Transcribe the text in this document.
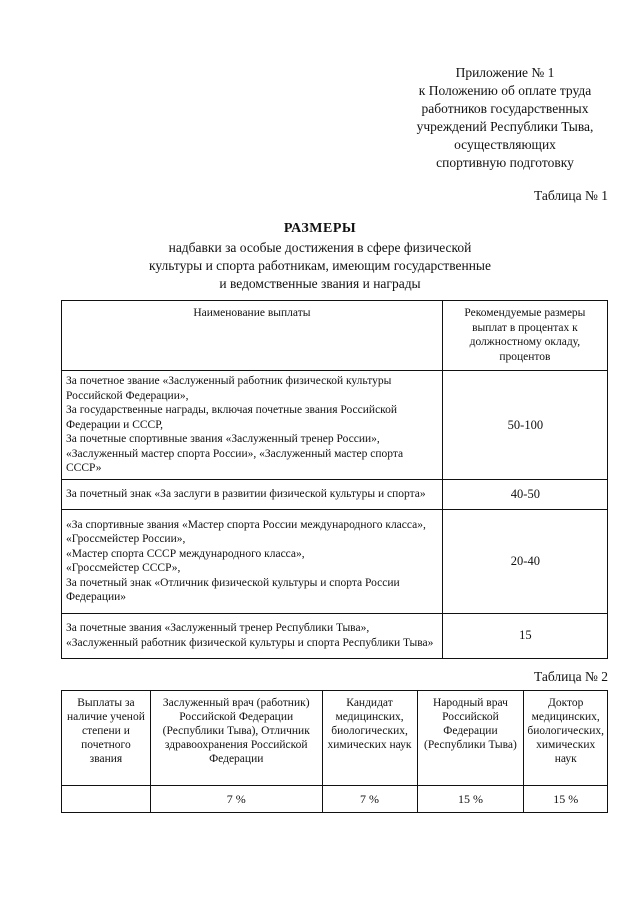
Приложение № 1
к Положению об оплате труда
работников государственных
учреждений Республики Тыва,
осуществляющих
спортивную подготовку
Таблица № 1
РАЗМЕРЫ
надбавки за особые достижения в сфере физической
культуры и спорта работникам, имеющим государственные
и ведомственные звания и награды
Наименование выплаты	Рекомендуемые размеры выплат в процентах к должностному окладу, процентов

За почетное звание «Заслуженный работник физической культуры Российской Федерации»,
За государственные награды, включая почетные звания Российской Федерации и СССР,
За почетные спортивные звания «Заслуженный тренер России»,
«Заслуженный мастер спорта России», «Заслуженный мастер спорта СССР»	50-100

За почетный знак «За заслуги в развитии физической культуры и спорта»	40-50

«За спортивные звания «Мастер спорта России международного класса»,
«Гроссмейстер России»,
«Мастер спорта СССР международного класса»,
«Гроссмейстер СССР»,
За почетный знак «Отличник физической культуры и спорта России Федерации»	20-40

За почетные звания «Заслуженный тренер Республики Тыва», «Заслуженный работник физической культуры и спорта Республики Тыва»	15
Таблица № 2
Выплаты за наличие ученой степени и почетного звания	Заслуженный врач (работник) Российской Федерации (Республики Тыва), Отличник здравоохранения Российской Федерации	Кандидат медицинских, биологических, химических наук	Народный врач Российской Федерации (Республики Тыва)	Доктор медицинских, биологических, химических наук
	7 %	7 %	15 %	15 %
